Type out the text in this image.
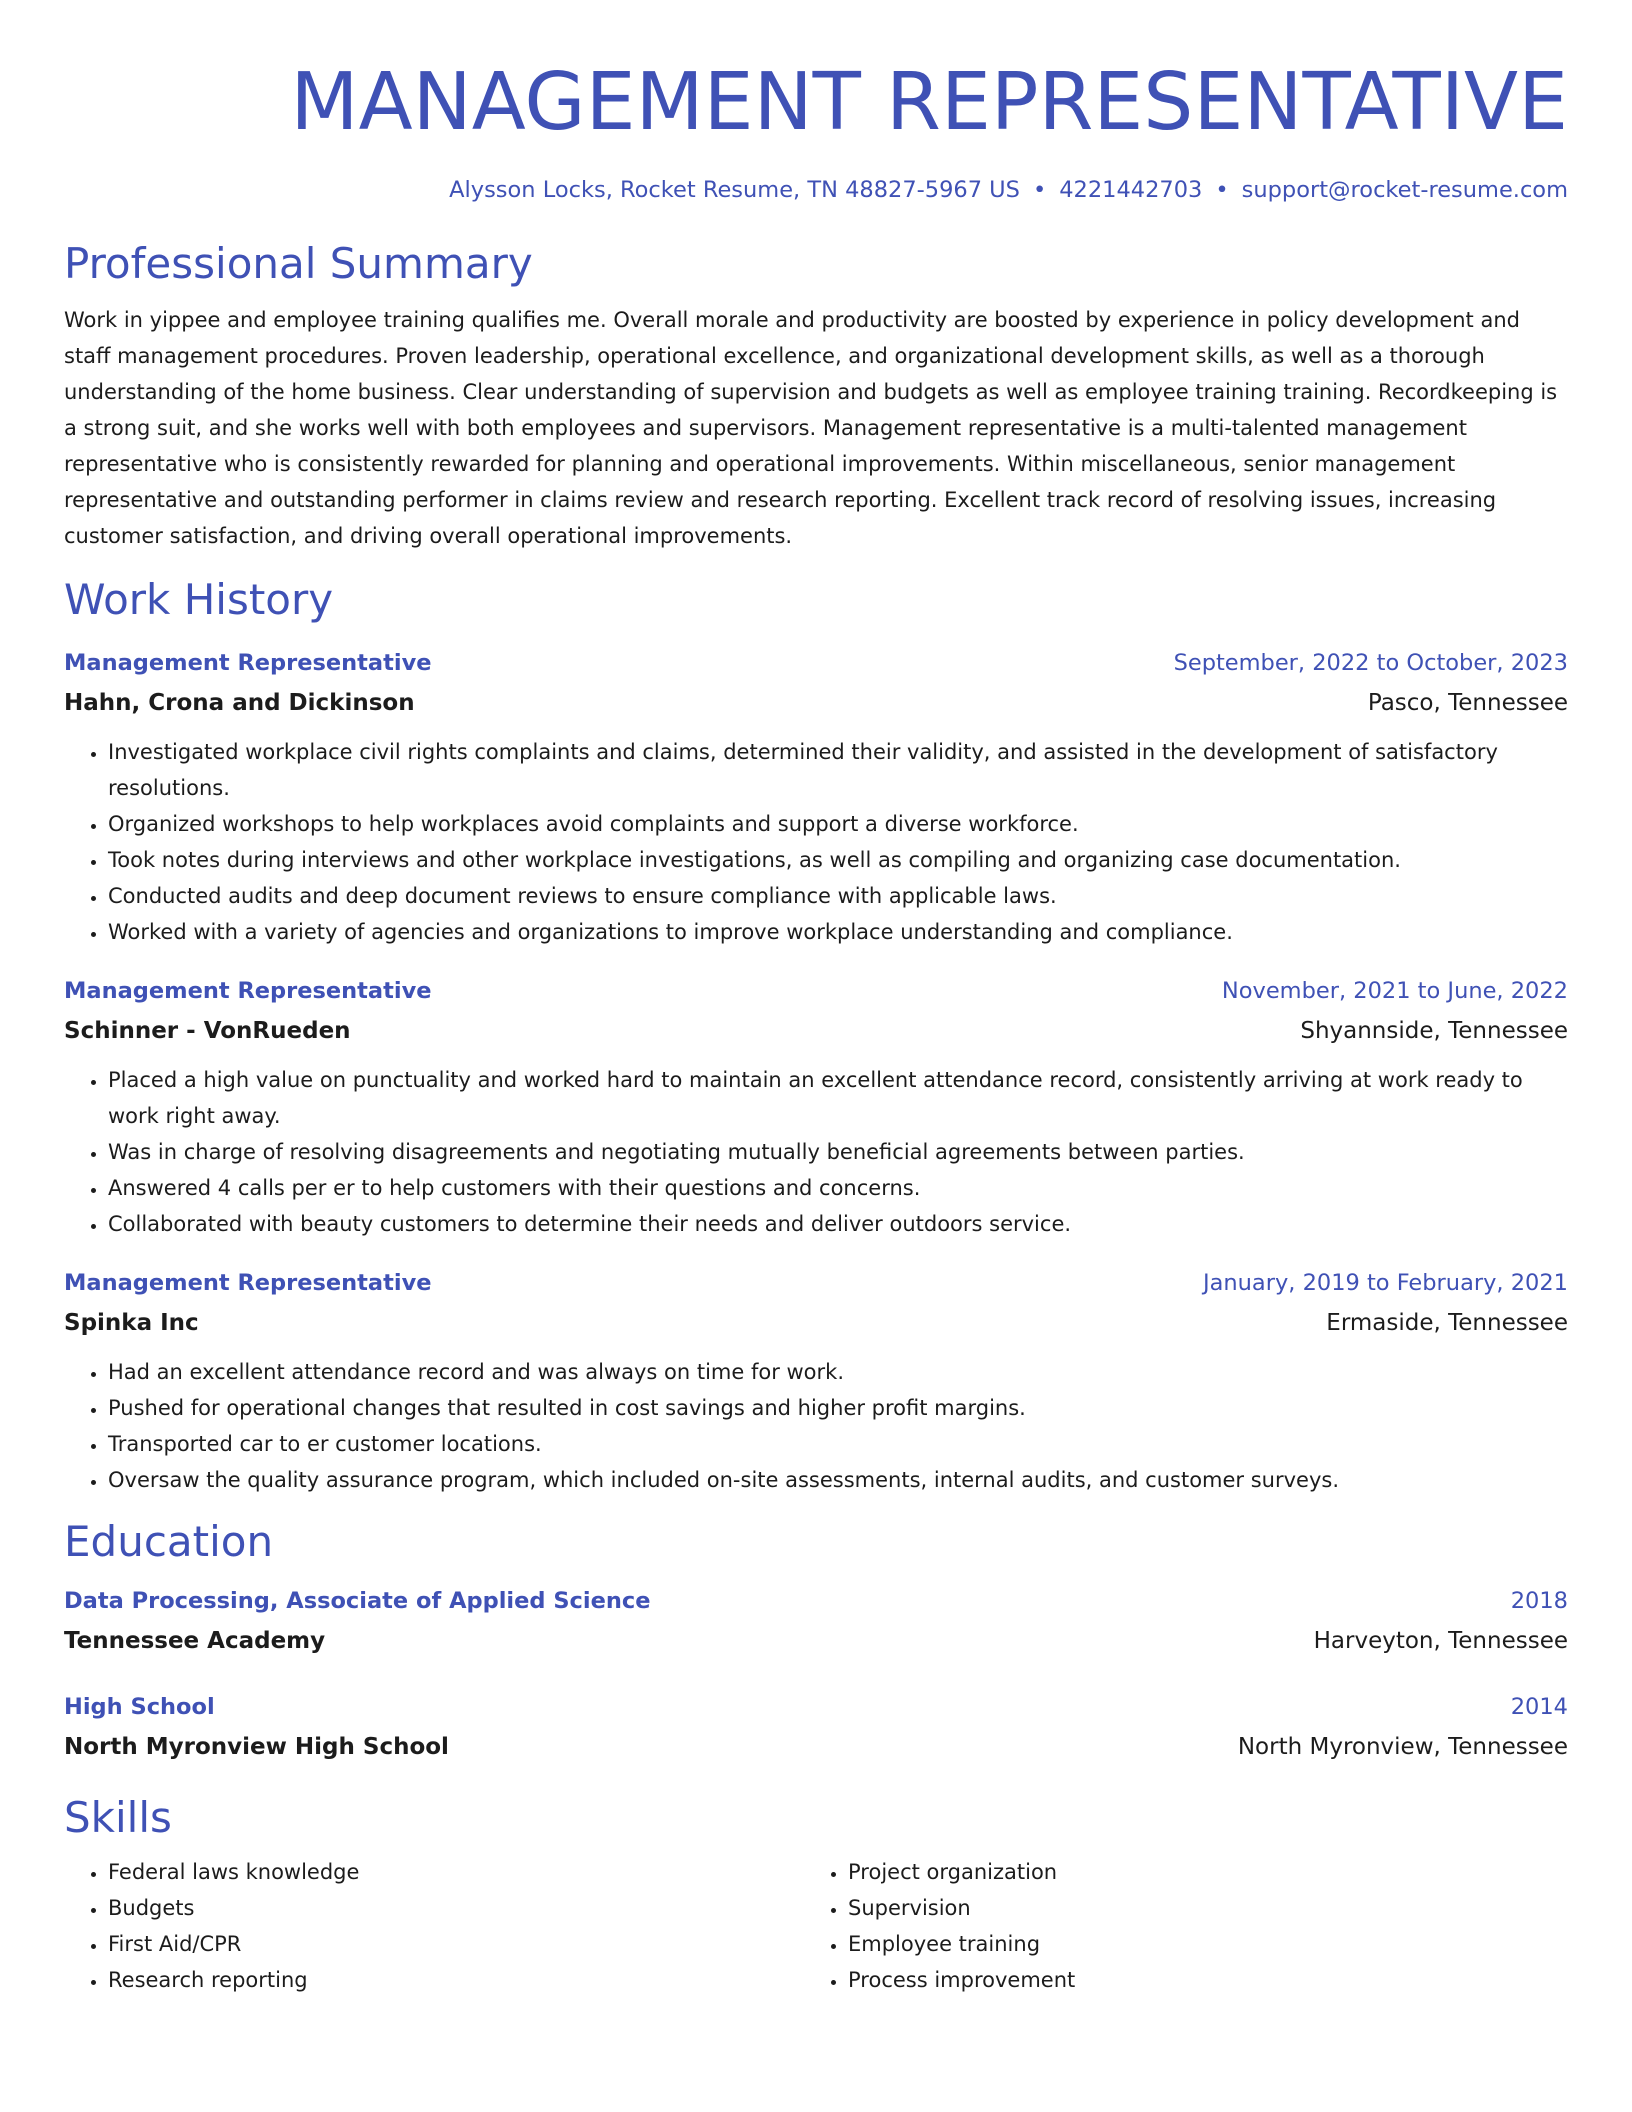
MANAGEMENT REPRESENTATIVE
Alysson Locks, Rocket Resume, TN 48827-5967 US • 4221442703 • support@rocket-resume.com
Professional Summary

Work in yippee and employee training qualifies me. Overall morale and productivity are boosted by experience in policy development and staff management procedures. Proven leadership, operational excellence, and organizational development skills, as well as a thorough understanding of the home business. Clear understanding of supervision and budgets as well as employee training training. Recordkeeping is a strong suit, and she works well with both employees and supervisors. Management representative is a multi-talented management representative who is consistently rewarded for planning and operational improvements. Within miscellaneous, senior management representative and outstanding performer in claims review and research reporting. Excellent track record of resolving issues, increasing customer satisfaction, and driving overall operational improvements.

Work History
Management Representative	September, 2022 to October, 2023
Hahn, Crona and Dickinson	Pasco, Tennessee
• Investigated workplace civil rights complaints and claims, determined their validity, and assisted in the development of satisfactory resolutions.
• Organized workshops to help workplaces avoid complaints and support a diverse workforce.
• Took notes during interviews and other workplace investigations, as well as compiling and organizing case documentation.
• Conducted audits and deep document reviews to ensure compliance with applicable laws.
• Worked with a variety of agencies and organizations to improve workplace understanding and compliance.
Management Representative	November, 2021 to June, 2022
Schinner - VonRueden	Shyannside, Tennessee
• Placed a high value on punctuality and worked hard to maintain an excellent attendance record, consistently arriving at work ready to work right away.
• Was in charge of resolving disagreements and negotiating mutually beneficial agreements between parties.
• Answered 4 calls per er to help customers with their questions and concerns.
• Collaborated with beauty customers to determine their needs and deliver outdoors service.
Management Representative	January, 2019 to February, 2021
Spinka Inc	Ermaside, Tennessee
• Had an excellent attendance record and was always on time for work.
• Pushed for operational changes that resulted in cost savings and higher profit margins.
• Transported car to er customer locations.
• Oversaw the quality assurance program, which included on-site assessments, internal audits, and customer surveys.
Education
Data Processing, Associate of Applied Science	2018
Tennessee Academy	Harveyton, Tennessee
High School	2014
North Myronview High School	North Myronview, Tennessee
Skills
• Federal laws knowledge
• Budgets
• First Aid/CPR
• Research reporting
• Project organization
• Supervision
• Employee training
• Process improvement
